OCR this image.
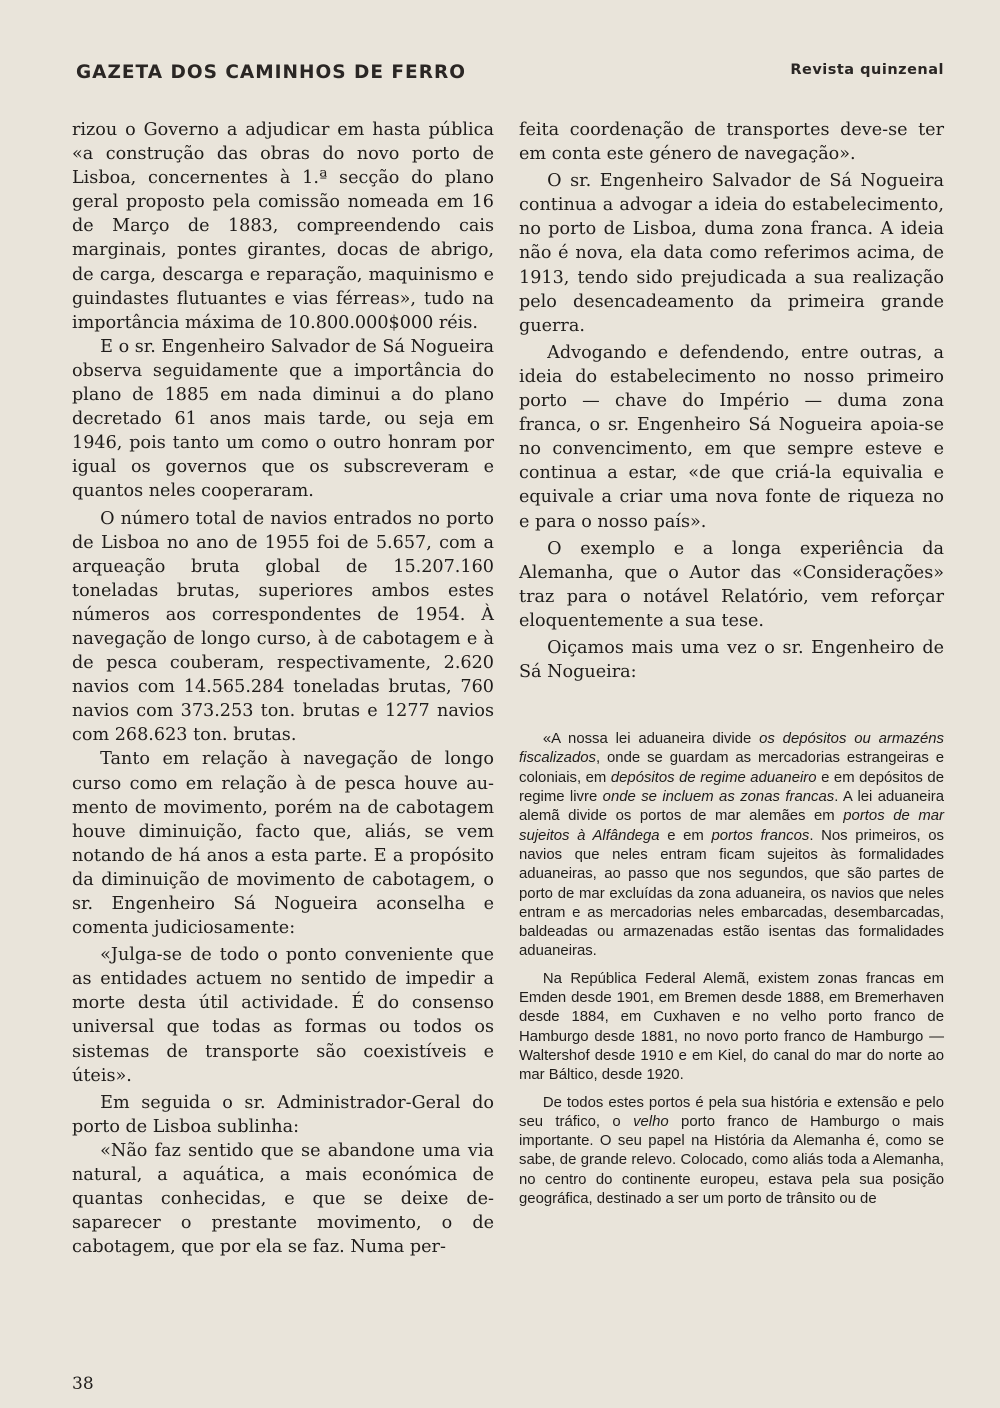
GAZETA DOS CAMINHOS DE FERRO	Revista quinzenal

rizou o Governo a adjudicar em hasta pública «a construção das obras do novo porto de Lisboa, concernentes à 1.ª secção do plano geral proposto pela comissão nomeada em 16 de Março de 1883, compreendendo cais marginais, pontes girantes, docas de abrigo, de carga, descarga e reparação, maquinismo e guindastes flutuantes e vias férreas», tudo na importância máxima de 10.800.000$000 réis.

E o sr. Engenheiro Salvador de Sá Nogueira observa seguidamente que a importância do plano de 1885 em nada diminui a do plano decretado 61 anos mais tarde, ou seja em 1946, pois tanto um como o outro honram por igual os governos que os subscreveram e quantos neles cooperaram.

O número total de navios entrados no porto de Lisboa no ano de 1955 foi de 5.657, com a arqueação bruta global de 15.207.160 toneladas brutas, superiores ambos estes números aos correspondentes de 1954. À navegação de longo curso, à de cabotagem e à de pesca couberam, respectivamente, 2.620 navios com 14.565.284 toneladas brutas, 760 navios com 373.253 ton. brutas e 1277 navios com 268.623 ton. brutas.

Tanto em relação à navegação de longo curso como em relação à de pesca houve aumento de movimento, porém na de cabotagem houve diminuição, facto que, aliás, se vem notando de há anos a esta parte. E a propósito da diminuição de movimento de cabotagem, o sr. Engenheiro Sá Nogueira aconselha e comenta judiciosamente:

«Julga-se de todo o ponto conveniente que as entidades actuem no sentido de impedir a morte desta útil actividade. É do consenso universal que todas as formas ou todos os sistemas de transporte são coexistíveis e úteis».

Em seguida o sr. Administrador-Geral do porto de Lisboa sublinha:

«Não faz sentido que se abandone uma via natural, a aquática, a mais económica de quantas conhecidas, e que se deixe desaparecer o prestante movimento, o de cabotagem, que por ela se faz. Numa per-

feita coordenação de transportes deve-se ter em conta este género de navegação».

O sr. Engenheiro Salvador de Sá Nogueira continua a advogar a ideia do estabelecimento, no porto de Lisboa, duma zona franca. A ideia não é nova, ela data como referimos acima, de 1913, tendo sido prejudicada a sua realização pelo desencadeamento da primeira grande guerra.

Advogando e defendendo, entre outras, a ideia do estabelecimento no nosso primeiro porto — chave do Império — duma zona franca, o sr. Engenheiro Sá Nogueira apoia-se no convencimento, em que sempre esteve e continua a estar, «de que criá-la equivalia e equivale a criar uma nova fonte de riqueza no e para o nosso país».

O exemplo e a longa experiência da Alemanha, que o Autor das «Considerações» traz para o notável Relatório, vem reforçar eloquentemente a sua tese.

Oiçamos mais uma vez o sr. Engenheiro de Sá Nogueira:

«A nossa lei aduaneira divide os depósitos ou armazéns fiscalizados, onde se guardam as mercadorias estrangeiras e coloniais, em depósitos de regime aduaneiro e em depósitos de regime livre onde se incluem as zonas francas. A lei aduaneira alemã divide os portos de mar alemães em portos de mar sujeitos à Alfândega e em portos francos. Nos primeiros, os navios que neles entram ficam sujeitos às formalidades aduaneiras, ao passo que nos segundos, que são partes de porto de mar excluídas da zona aduaneira, os navios que neles entram e as mercadorias neles embarcadas, desembarcadas, baldeadas ou armazenadas estão isentas das formalidades aduaneiras.

Na República Federal Alemã, existem zonas francas em Emden desde 1901, em Bremen desde 1888, em Bremerhaven desde 1884, em Cuxhaven e no velho porto franco de Hamburgo desde 1881, no novo porto franco de Hamburgo — Waltershof desde 1910 e em Kiel, do canal do mar do norte ao mar Báltico, desde 1920.

De todos estes portos é pela sua história e extensão e pelo seu tráfico, o velho porto franco de Hamburgo o mais importante. O seu papel na História da Alemanha é, como se sabe, de grande relevo. Colocado, como aliás toda a Alemanha, no centro do continente europeu, estava pela sua posição geográfica, destinado a ser um porto de trânsito ou de

38
